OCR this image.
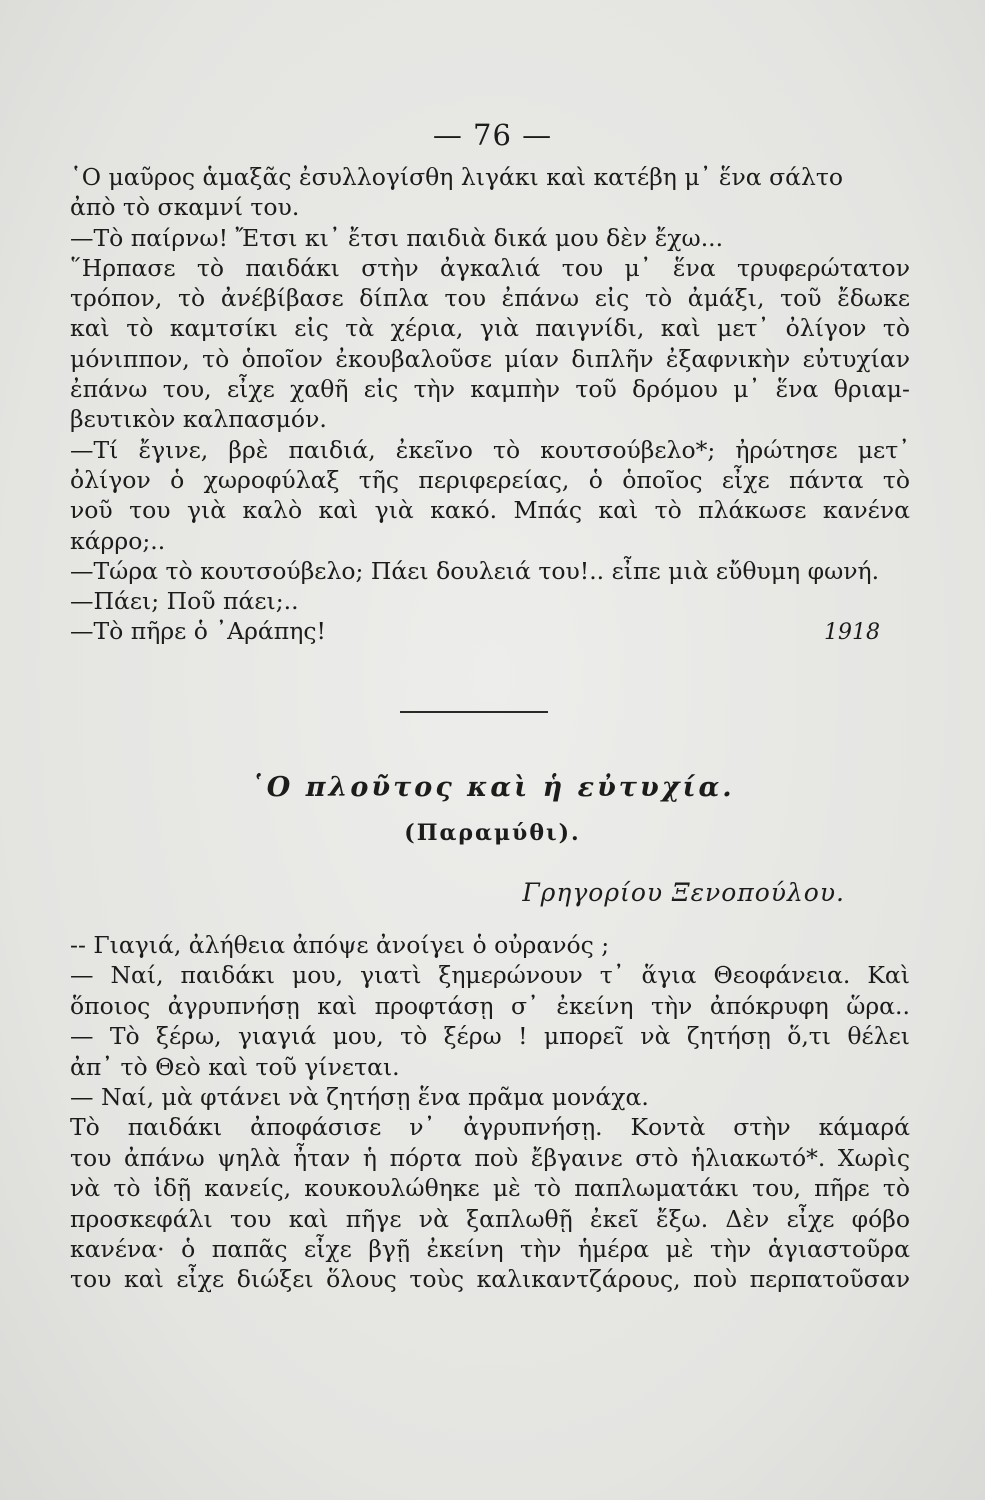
— 76 —
῾Ο μαῦρος ἁμαξᾶς ἐσυλλογίσθη λιγάκι καὶ κατέβη μ᾽ ἕνα σάλτο
ἀπὸ τὸ σκαμνί του.
—Τὸ παίρνω! Ἔτσι κι᾽ ἔτσι παιδιὰ δικά μου δὲν ἔχω...
῞Ηρπασε τὸ παιδάκι στὴν ἀγκαλιά του μ᾽ ἕνα τρυφερώτατον
τρόπον, τὸ ἀνέβίβασε δίπλα του ἐπάνω εἰς τὸ ἀμάξι, τοῦ ἔδωκε
καὶ τὸ καμτσίκι εἰς τὰ χέρια, γιὰ παιγνίδι, καὶ μετ᾽ ὀλίγον τὸ
μόνιππον, τὸ ὁποῖον ἐκουβαλοῦσε μίαν διπλῆν ἐξαφνικὴν εὐτυχίαν
ἐπάνω του, εἶχε χαθῆ εἰς τὴν καμπὴν τοῦ δρόμου μ᾽ ἕνα θριαμ-
βευτικὸν καλπασμόν.
—Τί ἔγινε, βρὲ παιδιά, ἐκεῖνο τὸ κουτσούβελο*; ἠρώτησε μετ᾽
ὀλίγον ὁ χωροφύλαξ τῆς περιφερείας, ὁ ὁποῖος εἶχε πάντα τὸ
νοῦ του γιὰ καλὸ καὶ γιὰ κακό. Μπάς καὶ τὸ πλάκωσε κανένα
κάρρο;..
—Τώρα τὸ κουτσούβελο; Πάει δουλειά του!.. εἶπε μιὰ εὔθυμη φωνή.
—Πάει; Ποῦ πάει;..
—Τὸ πῆρε ὁ ᾽Αράπης!	1918
῾Ο πλοῦτος καὶ ἡ εὐτυχία.
(Παραμύθι).
Γρηγορίου Ξενοπούλου.
-- Γιαγιά, ἀλήθεια ἀπόψε ἀνοίγει ὁ οὐρανός ;
— Ναί, παιδάκι μου, γιατὶ ξημερώνουν τ᾽ ἅγια Θεοφάνεια. Καὶ
ὅποιος ἀγρυπνήσῃ καὶ προφτάσῃ σ᾽ ἐκείνη τὴν ἀπόκρυφη ὥρα..
— Τὸ ξέρω, γιαγιά μου, τὸ ξέρω ! μπορεῖ νὰ ζητήσῃ ὅ,τι θέλει
ἀπ᾽ τὸ Θεὸ καὶ τοῦ γίνεται.
— Ναί, μὰ φτάνει νὰ ζητήσῃ ἕνα πρᾶμα μονάχα.
Τὸ παιδάκι ἀποφάσισε ν᾽ ἀγρυπνήσῃ. Κοντὰ στὴν κάμαρά
του ἀπάνω ψηλὰ ἦταν ἡ πόρτα ποὺ ἔβγαινε στὸ ἡλιακωτό*. Χωρὶς
νὰ τὸ ἰδῇ κανείς, κουκουλώθηκε μὲ τὸ παπλωματάκι του, πῆρε τὸ
προσκεφάλι του καὶ πῆγε νὰ ξαπλωθῇ ἐκεῖ ἔξω. Δὲν εἶχε φόβο
κανένα· ὁ παπᾶς εἶχε βγῇ ἐκείνη τὴν ἡμέρα μὲ τὴν ἁγιαστοῦρα
του καὶ εἶχε διώξει ὅλους τοὺς καλικαντζάρους, ποὺ περπατοῦσαν
